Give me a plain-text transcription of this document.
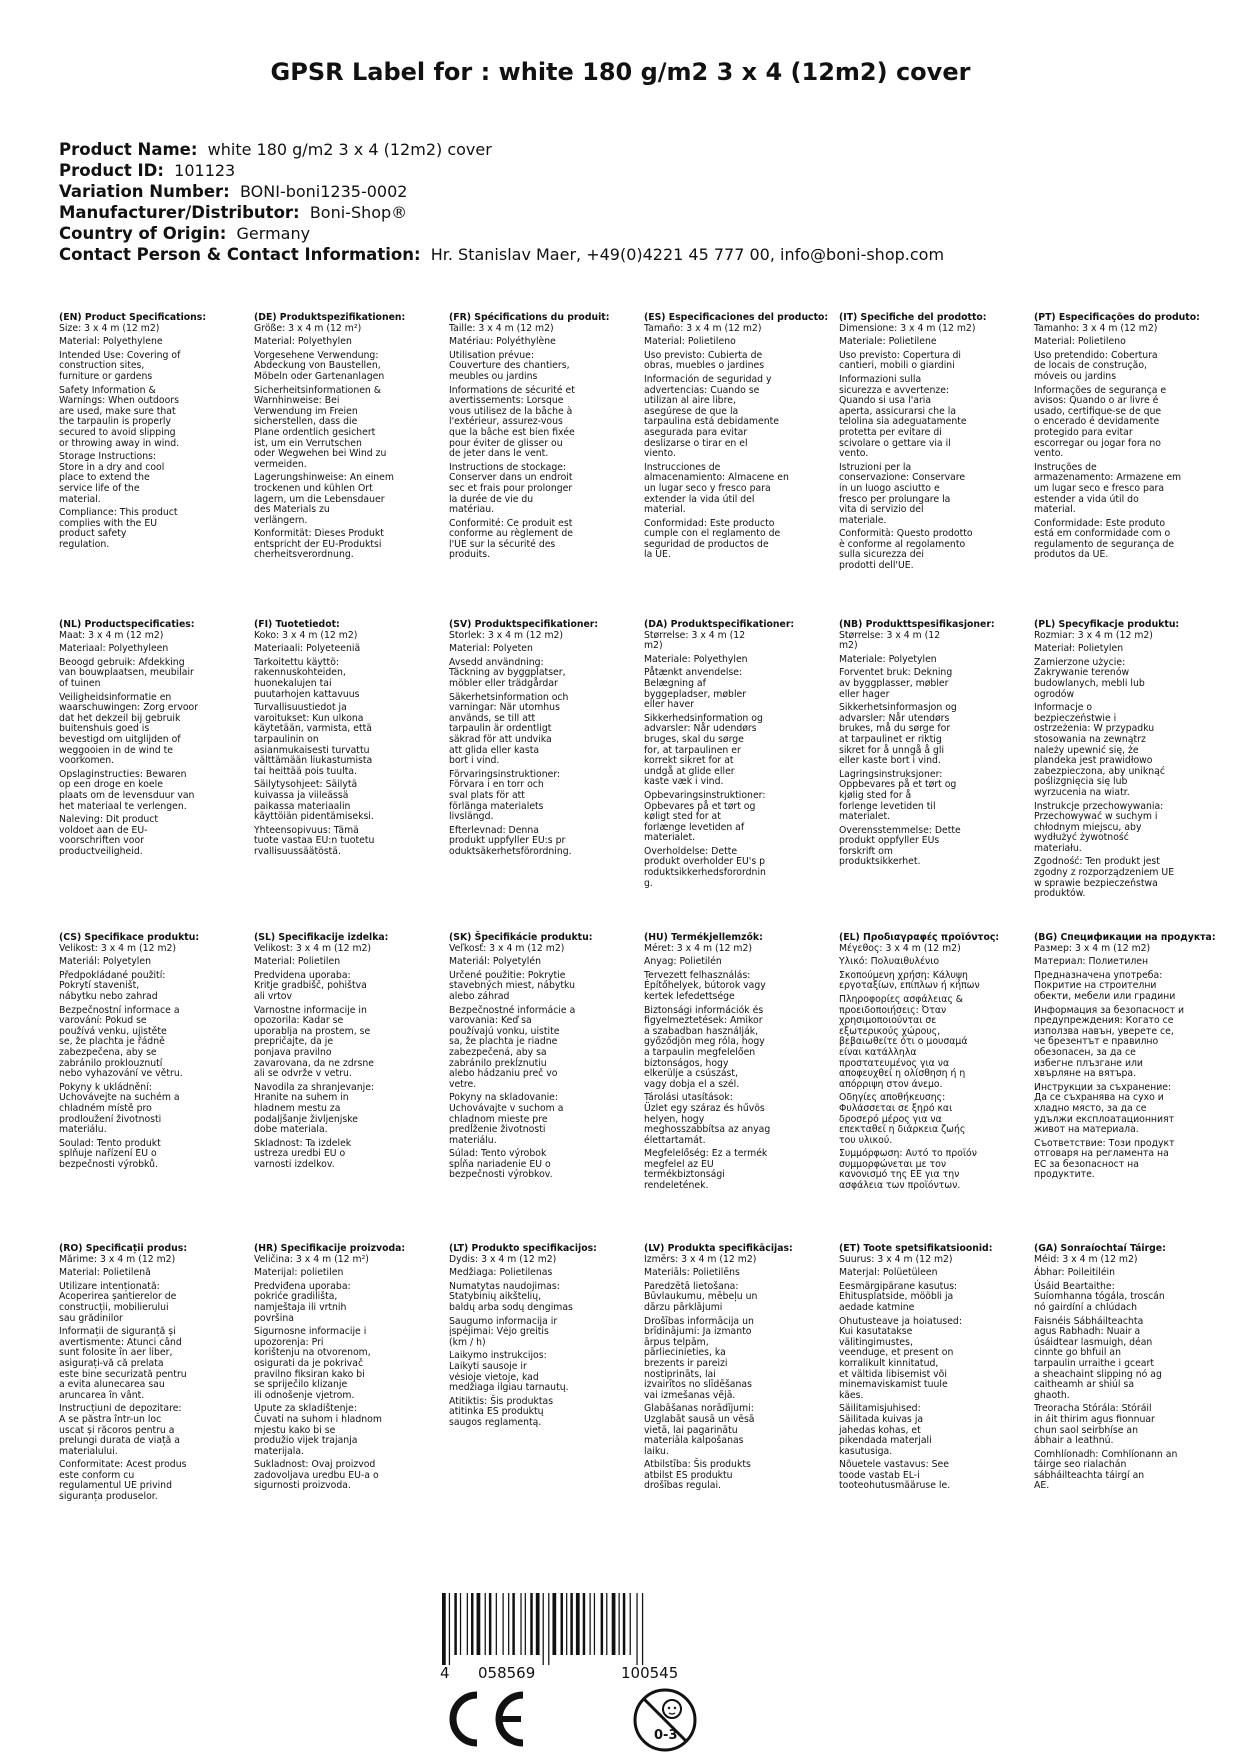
GPSR Label for : white 180 g/m2 3 x 4 (12m2) cover
Product Name: white 180 g/m2 3 x 4 (12m2) cover
Product ID: 101123
Variation Number: BONI-boni1235-0002
Manufacturer/Distributor: Boni-Shop®
Country of Origin: Germany
Contact Person & Contact Information: Hr. Stanislav Maer, +49(0)4221 45 777 00, info@boni-shop.com
(EN) Product Specifications:
Size: 3 x 4 m (12 m2)
Material: Polyethylene
Intended Use: Covering of
construction sites,
furniture or gardens
Safety Information &
Warnings: When outdoors
are used, make sure that
the tarpaulin is properly
secured to avoid slipping
or throwing away in wind.
Storage Instructions:
Store in a dry and cool
place to extend the
service life of the
material.
Compliance: This product
complies with the EU
product safety
regulation.
(DE) Produktspezifikationen:
Größe: 3 x 4 m (12 m²)
Material: Polyethylen
Vorgesehene Verwendung:
Abdeckung von Baustellen,
Möbeln oder Gartenanlagen
Sicherheitsinformationen &
Warnhinweise: Bei
Verwendung im Freien
sicherstellen, dass die
Plane ordentlich gesichert
ist, um ein Verrutschen
oder Wegwehen bei Wind zu
vermeiden.
Lagerungshinweise: An einem
trockenen und kühlen Ort
lagern, um die Lebensdauer
des Materials zu
verlängern.
Konformität: Dieses Produkt
entspricht der EU-Produktsi
cherheitsverordnung.
(FR) Spécifications du produit:
Taille: 3 x 4 m (12 m2)
Matériau: Polyéthylène
Utilisation prévue:
Couverture des chantiers,
meubles ou jardins
Informations de sécurité et
avertissements: Lorsque
vous utilisez de la bâche à
l'extérieur, assurez-vous
que la bâche est bien fixée
pour éviter de glisser ou
de jeter dans le vent.
Instructions de stockage:
Conserver dans un endroit
sec et frais pour prolonger
la durée de vie du
matériau.
Conformité: Ce produit est
conforme au règlement de
l'UE sur la sécurité des
produits.
(ES) Especificaciones del producto:
Tamaño: 3 x 4 m (12 m2)
Material: Polietileno
Uso previsto: Cubierta de
obras, muebles o jardines
Información de seguridad y
advertencias: Cuando se
utilizan al aire libre,
asegúrese de que la
tarpaulina está debidamente
asegurada para evitar
deslizarse o tirar en el
viento.
Instrucciones de
almacenamiento: Almacene en
un lugar seco y fresco para
extender la vida útil del
material.
Conformidad: Este producto
cumple con el reglamento de
seguridad de productos de
la UE.
(IT) Specifiche del prodotto:
Dimensione: 3 x 4 m (12 m2)
Materiale: Polietilene
Uso previsto: Copertura di
cantieri, mobili o giardini
Informazioni sulla
sicurezza e avvertenze:
Quando si usa l'aria
aperta, assicurarsi che la
telolina sia adeguatamente
protetta per evitare di
scivolare o gettare via il
vento.
Istruzioni per la
conservazione: Conservare
in un luogo asciutto e
fresco per prolungare la
vita di servizio del
materiale.
Conformità: Questo prodotto
è conforme al regolamento
sulla sicurezza dei
prodotti dell'UE.
(PT) Especificações do produto:
Tamanho: 3 x 4 m (12 m2)
Material: Polietileno
Uso pretendido: Cobertura
de locais de construção,
móveis ou jardins
Informações de segurança e
avisos: Quando o ar livre é
usado, certifique-se de que
o encerado é devidamente
protegido para evitar
escorregar ou jogar fora no
vento.
Instruções de
armazenamento: Armazene em
um lugar seco e fresco para
estender a vida útil do
material.
Conformidade: Este produto
está em conformidade com o
regulamento de segurança de
produtos da UE.
(NL) Productspecificaties:
Maat: 3 x 4 m (12 m2)
Materiaal: Polyethyleen
Beoogd gebruik: Afdekking
van bouwplaatsen, meubilair
of tuinen
Veiligheidsinformatie en
waarschuwingen: Zorg ervoor
dat het dekzeil bij gebruik
buitenshuis goed is
bevestigd om uitglijden of
weggooien in de wind te
voorkomen.
Opslaginstructies: Bewaren
op een droge en koele
plaats om de levensduur van
het materiaal te verlengen.
Naleving: Dit product
voldoet aan de EU-
voorschriften voor
productveiligheid.
(FI) Tuotetiedot:
Koko: 3 x 4 m (12 m2)
Materiaali: Polyeteeniä
Tarkoitettu käyttö:
rakennuskohteiden,
huonekalujen tai
puutarhojen kattavuus
Turvallisuustiedot ja
varoitukset: Kun ulkona
käytetään, varmista, että
tarpaulinin on
asianmukaisesti turvattu
välttämään liukastumista
tai heittää pois tuulta.
Säilytysohjeet: Säilytä
kuivassa ja viileässä
paikassa materiaalin
käyttöiän pidentämiseksi.
Yhteensopivuus: Tämä
tuote vastaa EU:n tuotetu
rvallisuussäätöstä.
(SV) Produktspecifikationer:
Storlek: 3 x 4 m (12 m2)
Material: Polyeten
Avsedd användning:
Täckning av byggplatser,
möbler eller trädgårdar
Säkerhetsinformation och
varningar: När utomhus
används, se till att
tarpaulin är ordentligt
säkrad för att undvika
att glida eller kasta
bort i vind.
Förvaringsinstruktioner:
Förvara i en torr och
sval plats för att
förlänga materialets
livslängd.
Efterlevnad: Denna
produkt uppfyller EU:s pr
oduktsäkerhetsförordning.
(DA) Produktspecifikationer:
Størrelse: 3 x 4 m (12
m2)
Materiale: Polyethylen
Påtænkt anvendelse:
Belægning af
byggepladser, møbler
eller haver
Sikkerhedsinformation og
advarsler: Når udendørs
bruges, skal du sørge
for, at tarpaulinen er
korrekt sikret for at
undgå at glide eller
kaste væk i vind.
Opbevaringsinstruktioner:
Opbevares på et tørt og
køligt sted for at
forlænge levetiden af
materialet.
Overholdelse: Dette
produkt overholder EU's p
roduktsikkerhedsforordnin
g.
(NB) Produkttspesifikasjoner:
Størrelse: 3 x 4 m (12
m2)
Materiale: Polyetylen
Forventet bruk: Dekning
av byggplasser, møbler
eller hager
Sikkerhetsinformasjon og
advarsler: Når utendørs
brukes, må du sørge for
at tarpaulinet er riktig
sikret for å unngå å gli
eller kaste bort i vind.
Lagringsinstruksjoner:
Oppbevares på et tørt og
kjølig sted for å
forlenge levetiden til
materialet.
Overensstemmelse: Dette
produkt oppfyller EUs
forskrift om
produktsikkerhet.
(PL) Specyfikacje produktu:
Rozmiar: 3 x 4 m (12 m2)
Materiał: Polietylen
Zamierzone użycie:
Zakrywanie terenów
budowlanych, mebli lub
ogrodów
Informacje o
bezpieczeństwie i
ostrzeżenia: W przypadku
stosowania na zewnątrz
należy upewnić się, że
plandeka jest prawidłowo
zabezpieczona, aby uniknąć
poślizgnięcia się lub
wyrzucenia na wiatr.
Instrukcje przechowywania:
Przechowywać w suchym i
chłodnym miejscu, aby
wydłużyć żywotność
materiału.
Zgodność: Ten produkt jest
zgodny z rozporządzeniem UE
w sprawie bezpieczeństwa
produktów.
(CS) Specifikace produktu:
Velikost: 3 x 4 m (12 m2)
Materiál: Polyetylen
Předpokládané použití:
Pokrytí staveništ,
nábytku nebo zahrad
Bezpečnostní informace a
varování: Pokud se
používá venku, ujistěte
se, že plachta je řádně
zabezpečena, aby se
zabránilo proklouznutí
nebo vyhazování ve větru.
Pokyny k ukládnění:
Uchovávejte na suchém a
chladném místě pro
prodloužení životnosti
materiálu.
Soulad: Tento produkt
splňuje nařízení EU o
bezpečnosti výrobků.
(SL) Specifikacije izdelka:
Velikost: 3 x 4 m (12 m2)
Material: Polietilen
Predvidena uporaba:
Kritje gradbišč, pohištva
ali vrtov
Varnostne informacije in
opozorila: Kadar se
uporablja na prostem, se
prepričajte, da je
ponjava pravilno
zavarovana, da ne zdrsne
ali se odvrže v vetru.
Navodila za shranjevanje:
Hranite na suhem in
hladnem mestu za
podaljšanje življenjske
dobe materiala.
Skladnost: Ta izdelek
ustreza uredbi EU o
varnosti izdelkov.
(SK) Špecifikácie produktu:
Veľkosť: 3 x 4 m (12 m2)
Materiál: Polyetylén
Určené použitie: Pokrytie
stavebných miest, nábytku
alebo záhrad
Bezpečnostné informácie a
varovania: Keď sa
používajú vonku, uistite
sa, že plachta je riadne
zabezpečená, aby sa
zabránilo prekĺznutiu
alebo hádzaniu preč vo
vetre.
Pokyny na skladovanie:
Uchovávajte v suchom a
chladnom mieste pre
predĺženie životnosti
materiálu.
Súlad: Tento výrobok
spĺňa nariadenie EU o
bezpečnosti výrobkov.
(HU) Termékjellemzők:
Méret: 3 x 4 m (12 m2)
Anyag: Polietilén
Tervezett felhasználás:
Építőhelyek, bútorok vagy
kertek lefedettsége
Biztonsági információk és
figyelmeztetések: Amikor
a szabadban használják,
győződjön meg róla, hogy
a tarpaulin megfelelően
biztonságos, hogy
elkerülje a csúszást,
vagy dobja el a szél.
Tárolási utasítások:
Üzlet egy száraz és hűvös
helyen, hogy
meghosszabbítsa az anyag
élettartamát.
Megfelelőség: Ez a termék
megfelel az EU
termékbiztonsági
rendeletének.
(EL) Προδιαγραφές προϊόντος:
Μέγεθος: 3 x 4 m (12 m2)
Υλικό: Πολυαιθυλένιο
Σκοπούμενη χρήση: Κάλυψη
εργοταξίων, επίπλων ή κήπων
Πληροφορίες ασφάλειας &
προειδοποιήσεις: Όταν
χρησιμοποιούνται σε
εξωτερικούς χώρους,
βεβαιωθείτε ότι ο μουσαμά
είναι κατάλληλα
προστατευμένος για να
αποφευχθεί η ολίσθηση ή η
απόρριψη στον άνεμο.
Οδηγίες αποθήκευσης:
Φυλάσσεται σε ξηρό και
δροσερό μέρος για να
επεκταθεί η διάρκεια ζωής
του υλικού.
Συμμόρφωση: Αυτό το προϊόν
συμμορφώνεται με τον
κανονισμό της ΕΕ για την
ασφάλεια των προϊόντων.
(BG) Спецификации на продукта:
Размер: 3 x 4 m (12 m2)
Материал: Полиетилен
Предназначена употреба:
Покритие на строителни
обекти, мебели или градини
Информация за безопасност и
предупреждения: Когато се
използва навън, уверете се,
че брезентът е правилно
обезопасен, за да се
избегне плъзгане или
хвърляне на вятъра.
Инструкции за съхранение:
Да се съхранява на сухо и
хладно място, за да се
удължи експлоатационният
живот на материала.
Съответствие: Този продукт
отговаря на регламента на
ЕС за безопасност на
продуктите.
(RO) Specificații produs:
Mărime: 3 x 4 m (12 m2)
Material: Polietilenă
Utilizare intenționată:
Acoperirea șantierelor de
construcții, mobilierului
sau grădinilor
Informații de siguranță și
avertismente: Atunci când
sunt folosite în aer liber,
asigurați-vă că prelata
este bine securizată pentru
a evita alunecarea sau
aruncarea în vânt.
Instrucțiuni de depozitare:
A se păstra într-un loc
uscat și răcoros pentru a
prelungi durata de viață a
materialului.
Conformitate: Acest produs
este conform cu
regulamentul UE privind
siguranța produselor.
(HR) Specifikacije proizvoda:
Veličina: 3 x 4 m (12 m²)
Materijal: polietilen
Predviđena uporaba:
pokriće gradilišta,
namještaja ili vrtnih
površina
Sigurnosne informacije i
upozorenja: Pri
korištenju na otvorenom,
osigurati da je pokrivač
pravilno fiksiran kako bi
se spriječilo klizanje
ili odnošenje vjetrom.
Upute za skladištenje:
Čuvati na suhom i hladnom
mjestu kako bi se
produžio vijek trajanja
materijala.
Sukladnost: Ovaj proizvod
zadovoljava uredbu EU-a o
sigurnosti proizvoda.
(LT) Produkto specifikacijos:
Dydis: 3 x 4 m (12 m2)
Medžiaga: Polietilenas
Numatytas naudojimas:
Statybinių aikštelių,
baldų arba sodų dengimas
Saugumo informacija ir
įspėjimai: Vėjo greitis
(km / h)
Laikymo instrukcijos:
Laikyti sausoje ir
vėsioje vietoje, kad
medžiaga ilgiau tarnautų.
Atitiktis: Šis produktas
atitinka ES produktų
saugos reglamentą.
(LV) Produkta specifikācijas:
Izmērs: 3 x 4 m (12 m2)
Materiāls: Polietilēns
Paredzētā lietošana:
Būvlaukumu, mēbeļu un
dārzu pārklājumi
Drošības informācija un
brīdinājumi: Ja izmanto
ārpus telpām,
pārliecinieties, ka
brezents ir pareizi
nostiprināts, lai
izvairītos no slīdēšanas
vai izmešanas vējā.
Glabāšanas norādījumi:
Uzglabāt sausā un vēsā
vietā, lai pagarinātu
materiāla kalpošanas
laiku.
Atbilstība: Šis produkts
atbilst ES produktu
drošības regulai.
(ET) Toote spetsifikatsioonid:
Suurus: 3 x 4 m (12 m2)
Materjal: Polüetüleen
Eesmärgipärane kasutus:
Ehitusplatside, mööbli ja
aedade katmine
Ohutusteave ja hoiatused:
Kui kasutatakse
välitingimustes,
veenduge, et present on
korralikult kinnitatud,
et vältida libisemist või
minemaviskamist tuule
käes.
Säilitamisjuhised:
Säilitada kuivas ja
jahedas kohas, et
pikendada materjali
kasutusiga.
Nõuetele vastavus: See
toode vastab EL-i
tooteohutusmääruse le.
(GA) Sonraíochtaí Táirge:
Méid: 3 x 4 m (12 m2)
Ábhar: Poileitiléin
Úsáid Beartaithe:
Suíomhanna tógála, troscán
nó gairdíní a chlúdach
Faisnéis Sábháilteachta
agus Rabhadh: Nuair a
úsáidtear lasmuigh, déan
cinnte go bhfuil an
tarpaulin urraithe i gceart
a sheachaint slipping nó ag
caitheamh ar shiúl sa
ghaoth.
Treoracha Stórála: Stóráil
in áit thirim agus fionnuar
chun saol seirbhíse an
ábhair a leathnú.
Comhlíonadh: Comhlíonann an
táirge seo rialachán
sábháilteachta táirgí an
AE.
4 058569	100545
0-3
